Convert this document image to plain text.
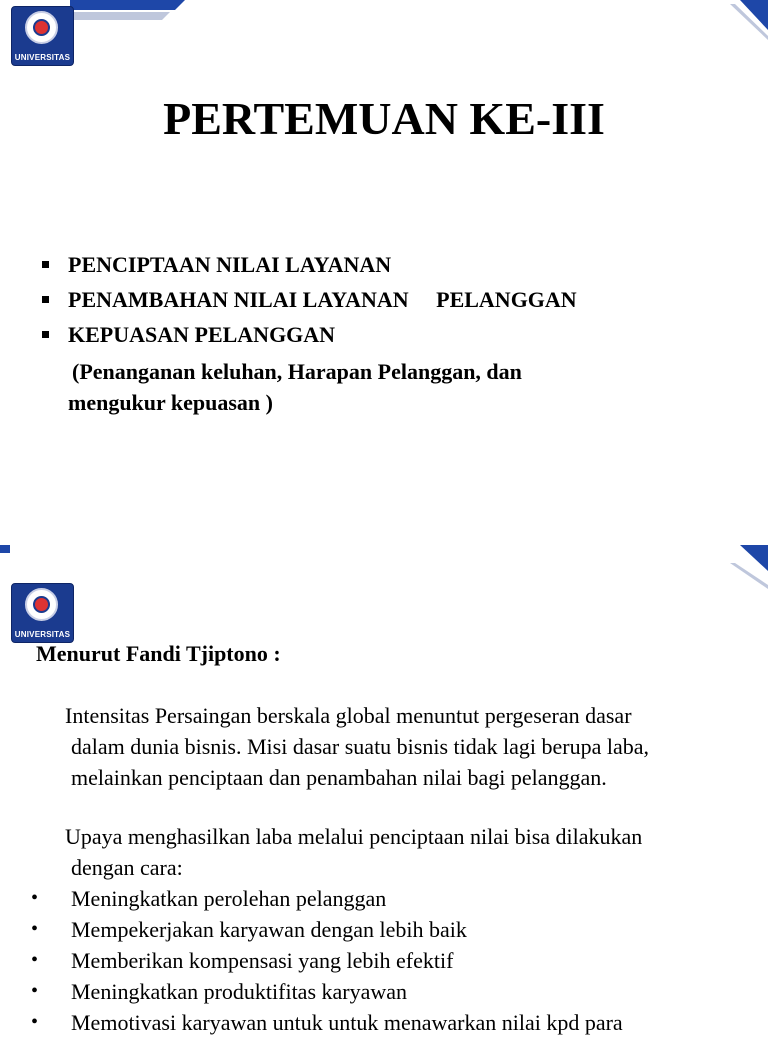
UNIVERSITAS
PERTEMUAN KE-III
PENCIPTAAN NILAI LAYANAN
PENAMBAHAN NILAI LAYANAN     PELANGGAN
KEPUASAN PELANGGAN
(Penanganan keluhan, Harapan Pelanggan, dan
mengukur kepuasan )
UNIVERSITAS
Menurut Fandi Tjiptono :
Intensitas Persaingan berskala global menuntut pergeseran dasar
dalam dunia bisnis. Misi dasar suatu bisnis tidak lagi berupa laba,
melainkan penciptaan dan penambahan nilai bagi pelanggan.
Upaya menghasilkan laba melalui penciptaan nilai bisa dilakukan
dengan cara:
• Meningkatkan perolehan pelanggan
• Mempekerjakan karyawan dengan lebih baik
• Memberikan kompensasi yang lebih efektif
• Meningkatkan produktifitas karyawan
• Memotivasi karyawan untuk untuk menawarkan nilai kpd para
